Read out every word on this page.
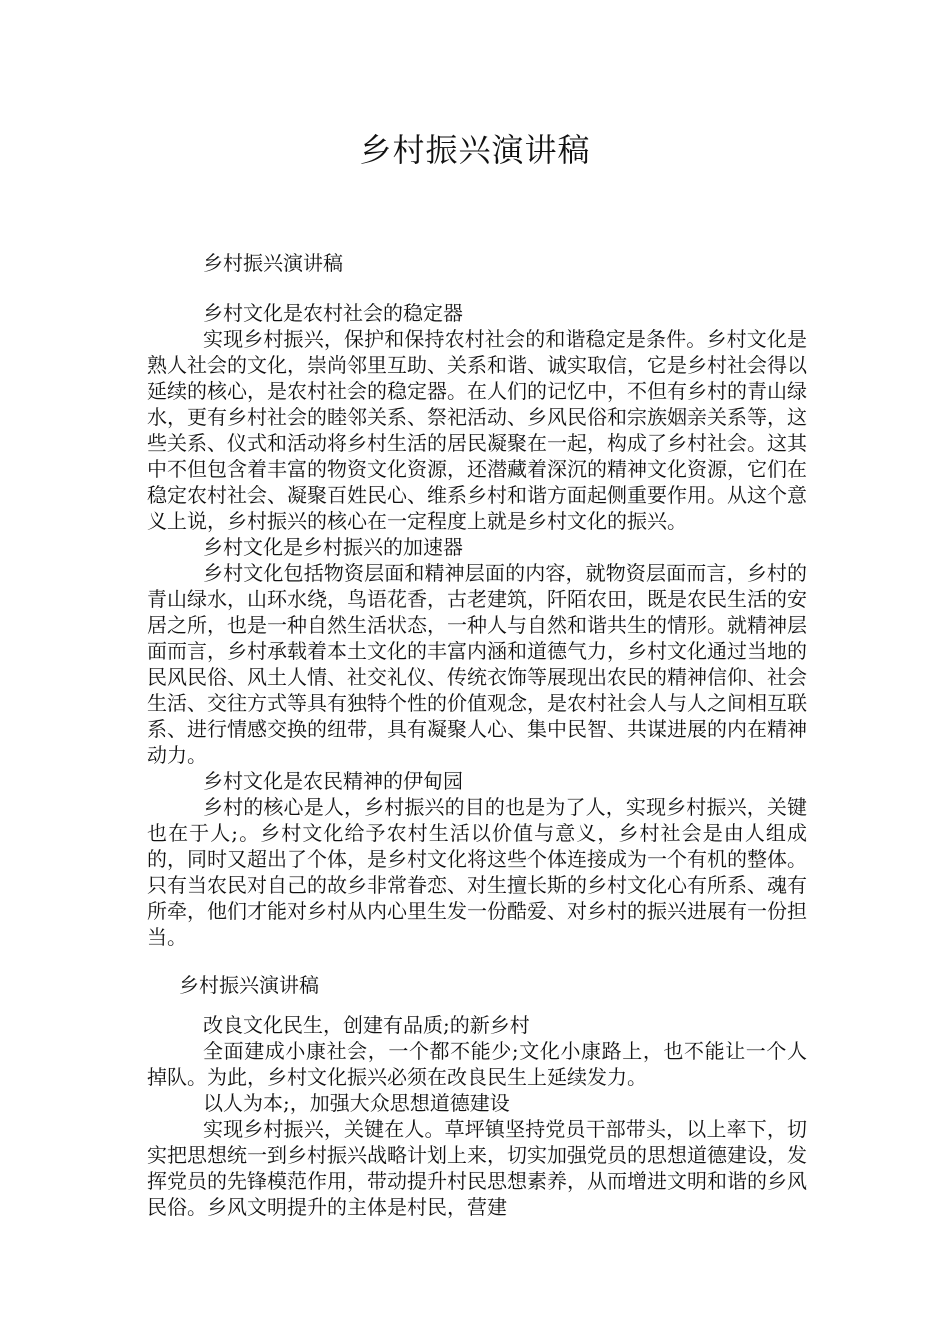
乡村振兴演讲稿

乡村振兴演讲稿

乡村文化是农村社会的稳定器

实现乡村振兴，保护和保持农村社会的和谐稳定是条件。乡村文化是熟人社会的文化，崇尚邻里互助、关系和谐、诚实取信，它是乡村社会得以延续的核心，是农村社会的稳定器。在人们的记忆中，不但有乡村的青山绿水，更有乡村社会的睦邻关系、祭祀活动、乡风民俗和宗族姻亲关系等，这些关系、仪式和活动将乡村生活的居民凝聚在一起，构成了乡村社会。这其中不但包含着丰富的物资文化资源，还潜藏着深沉的精神文化资源，它们在稳定农村社会、凝聚百姓民心、维系乡村和谐方面起侧重要作用。从这个意义上说，乡村振兴的核心在一定程度上就是乡村文化的振兴。

乡村文化是乡村振兴的加速器

乡村文化包括物资层面和精神层面的内容，就物资层面而言，乡村的青山绿水，山环水绕，鸟语花香，古老建筑，阡陌农田，既是农民生活的安居之所，也是一种自然生活状态，一种人与自然和谐共生的情形。就精神层面而言，乡村承载着本土文化的丰富内涵和道德气力，乡村文化通过当地的民风民俗、风土人情、社交礼仪、传统衣饰等展现出农民的精神信仰、社会生活、交往方式等具有独特个性的价值观念，是农村社会人与人之间相互联系、进行情感交换的纽带，具有凝聚人心、集中民智、共谋进展的内在精神动力。

乡村文化是农民精神的伊甸园

乡村的核心是人，乡村振兴的目的也是为了人，实现乡村振兴，关键也在于人;。乡村文化给予农村生活以价值与意义，乡村社会是由人组成的，同时又超出了个体，是乡村文化将这些个体连接成为一个有机的整体。只有当农民对自己的故乡非常眷恋、对生擅长斯的乡村文化心有所系、魂有所牵，他们才能对乡村从内心里生发一份酷爱、对乡村的振兴进展有一份担当。

乡村振兴演讲稿

改良文化民生，创建有品质;的新乡村

全面建成小康社会，一个都不能少;文化小康路上，也不能让一个人掉队。为此，乡村文化振兴必须在改良民生上延续发力。

以人为本;，加强大众思想道德建设

实现乡村振兴，关键在人。草坪镇坚持党员干部带头，以上率下，切实把思想统一到乡村振兴战略计划上来，切实加强党员的思想道德建设，发挥党员的先锋模范作用，带动提升村民思想素养，从而增进文明和谐的乡风民俗。乡风文明提升的主体是村民，营建
